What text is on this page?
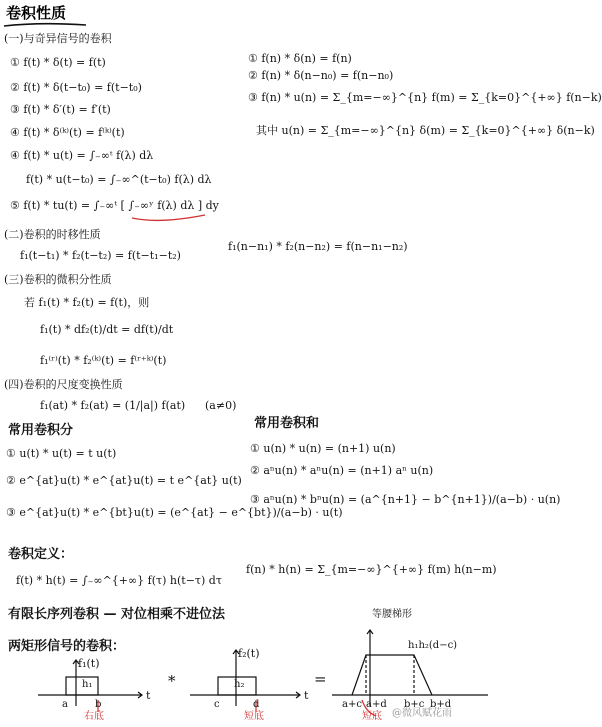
卷积性质
(一)与奇异信号的卷积
① f(t) * δ(t) = f(t)
② f(t) * δ(t−t₀) = f(t−t₀)
③ f(t) * δ′(t) = f′(t)
④ f(t) * δ⁽ᵏ⁾(t) = f⁽ᵏ⁾(t)
④ f(t) * u(t) = ∫₋∞ᵗ f(λ) dλ
f(t) * u(t−t₀) = ∫₋∞^(t−t₀) f(λ) dλ
⑤ f(t) * tu(t) = ∫₋∞ᵗ [ ∫₋∞ʸ f(λ) dλ ] dy
① f(n) * δ(n) = f(n)
② f(n) * δ(n−n₀) = f(n−n₀)
③ f(n) * u(n) = Σ_{m=−∞}^{n} f(m) = Σ_{k=0}^{+∞} f(n−k)
其中 u(n) = Σ_{m=−∞}^{n} δ(m) = Σ_{k=0}^{+∞} δ(n−k)
(二)卷积的时移性质
f₁(t−t₁) * f₂(t−t₂) = f(t−t₁−t₂)
f₁(n−n₁) * f₂(n−n₂) = f(n−n₁−n₂)
(三)卷积的微积分性质
若 f₁(t) * f₂(t) = f(t)，则
f₁(t) * df₂(t)/dt = df(t)/dt
f₁⁽ʳ⁾(t) * f₂⁽ᵏ⁾(t) = f⁽ʳ⁺ᵏ⁾(t)
(四)卷积的尺度变换性质
f₁(at) * f₂(at) = (1/|a|) f(at) (a≠0)
常用卷积分
① u(t) * u(t) = t u(t)
② e^{at}u(t) * e^{at}u(t) = t e^{at} u(t)
③ e^{at}u(t) * e^{bt}u(t) = (e^{at} − e^{bt})/(a−b) · u(t)
常用卷积和
① u(n) * u(n) = (n+1) u(n)
② aⁿu(n) * aⁿu(n) = (n+1) aⁿ u(n)
③ aⁿu(n) * bⁿu(n) = (a^{n+1} − b^{n+1})/(a−b) · u(n)
卷积定义：
f(t) * h(t) = ∫₋∞^{+∞} f(τ) h(t−τ) dτ
f(n) * h(n) = Σ_{m=−∞}^{+∞} f(m) h(n−m)
有限长序列卷积 — 对位相乘不进位法
两矩形信号的卷积：
等腰梯形
h₁h₂(d−c)
f₁(t)
h₁
a	b
右底
t
*
f₂(t)
h₂
c	d
短底
t
=
a+c a+d b+c b+d
短底 @微风赋花雨
